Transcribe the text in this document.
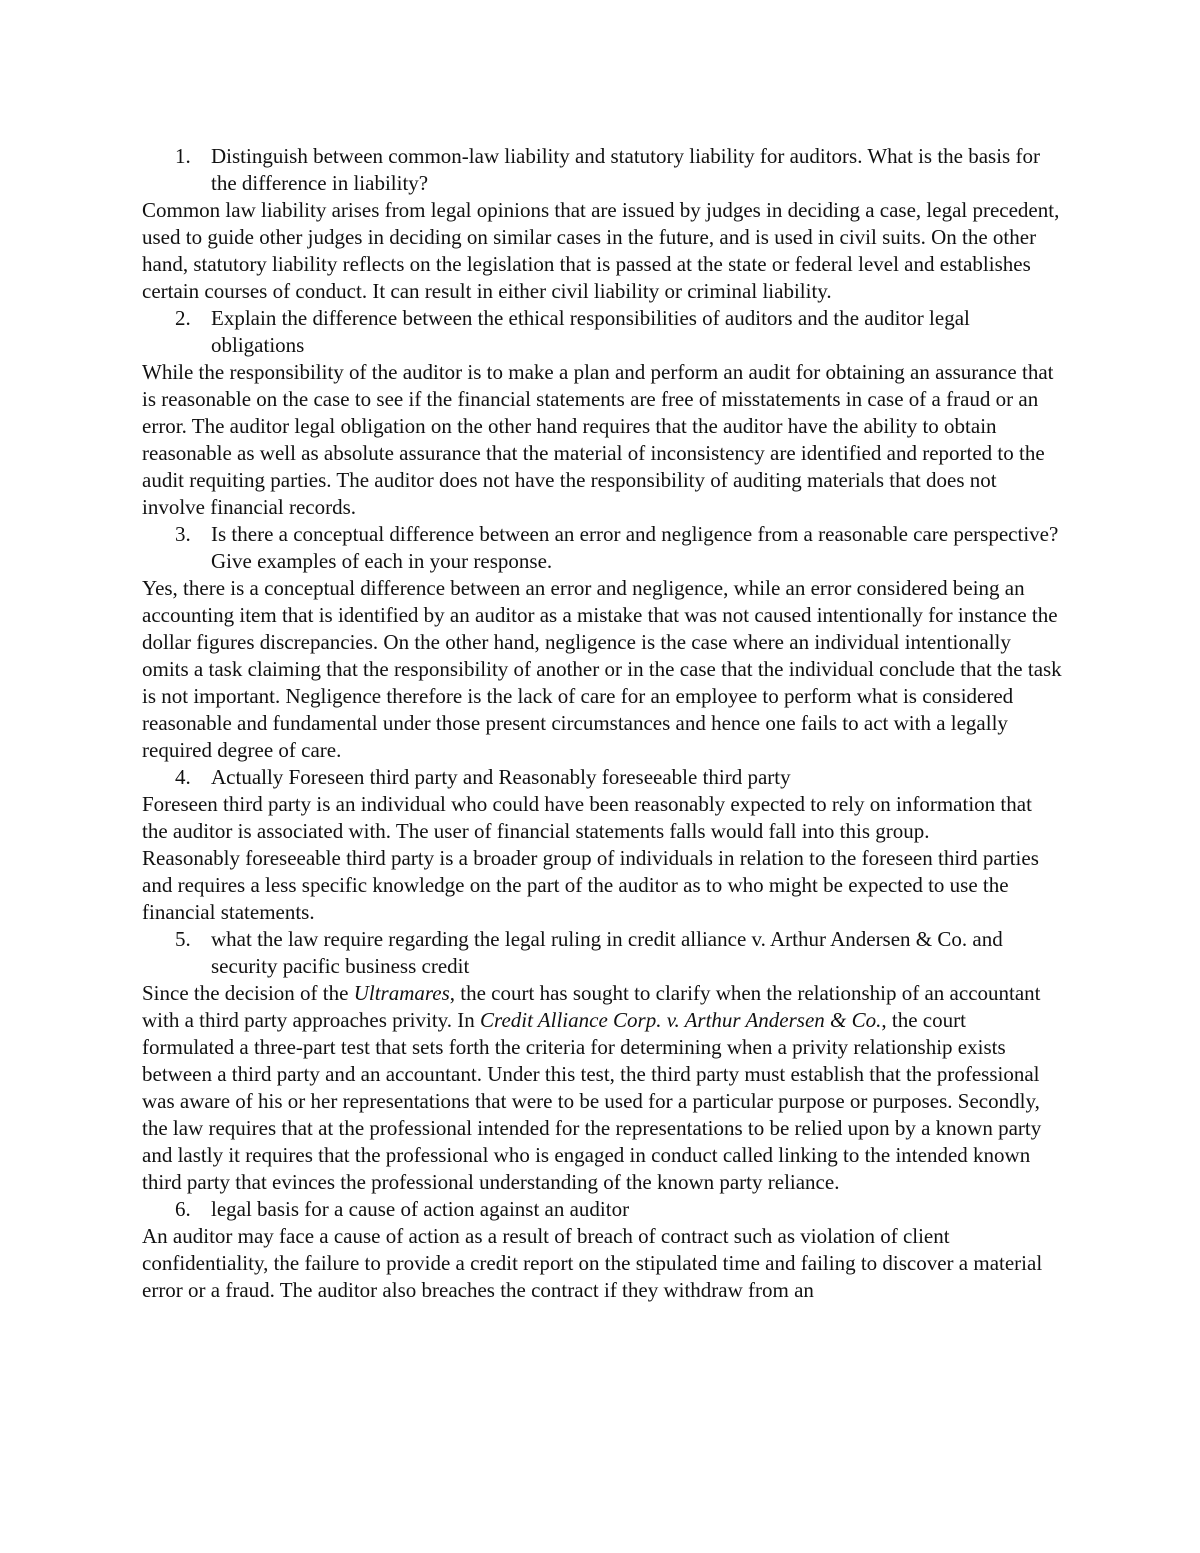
1. Distinguish between common-law liability and statutory liability for auditors. What is the basis for the difference in liability?

Common law liability arises from legal opinions that are issued by judges in deciding a case, legal precedent, used to guide other judges in deciding on similar cases in the future, and is used in civil suits. On the other hand, statutory liability reflects on the legislation that is passed at the state or federal level and establishes certain courses of conduct. It can result in either civil liability or criminal liability.

2. Explain the difference between the ethical responsibilities of auditors and the auditor legal obligations

While the responsibility of the auditor is to make a plan and perform an audit for obtaining an assurance that is reasonable on the case to see if the financial statements are free of misstatements in case of a fraud or an error. The auditor legal obligation on the other hand requires that the auditor have the ability to obtain reasonable as well as absolute assurance that the material of inconsistency are identified and reported to the audit requiting parties. The auditor does not have the responsibility of auditing materials that does not involve financial records.

3. Is there a conceptual difference between an error and negligence from a reasonable care perspective? Give examples of each in your response.

Yes, there is a conceptual difference between an error and negligence, while an error considered being an accounting item that is identified by an auditor as a mistake that was not caused intentionally for instance the dollar figures discrepancies. On the other hand, negligence is the case where an individual intentionally omits a task claiming that the responsibility of another or in the case that the individual conclude that the task is not important. Negligence therefore is the lack of care for an employee to perform what is considered reasonable and fundamental under those present circumstances and hence one fails to act with a legally required degree of care.

4. Actually Foreseen third party and Reasonably foreseeable third party

Foreseen third party is an individual who could have been reasonably expected to rely on information that the auditor is associated with. The user of financial statements falls would fall into this group.

Reasonably foreseeable third party is a broader group of individuals in relation to the foreseen third parties and requires a less specific knowledge on the part of the auditor as to who might be expected to use the financial statements.

5. what the law require regarding the legal ruling in credit alliance v. Arthur Andersen & Co. and security pacific business credit

Since the decision of the Ultramares, the court has sought to clarify when the relationship of an accountant with a third party approaches privity. In Credit Alliance Corp. v. Arthur Andersen & Co., the court formulated a three-part test that sets forth the criteria for determining when a privity relationship exists between a third party and an accountant. Under this test, the third party must establish that the professional was aware of his or her representations that were to be used for a particular purpose or purposes. Secondly, the law requires that at the professional intended for the representations to be relied upon by a known party and lastly it requires that the professional who is engaged in conduct called linking to the intended known third party that evinces the professional understanding of the known party reliance.

6. legal basis for a cause of action against an auditor

An auditor may face a cause of action as a result of breach of contract such as violation of client confidentiality, the failure to provide a credit report on the stipulated time and failing to discover a material error or a fraud. The auditor also breaches the contract if they withdraw from an
